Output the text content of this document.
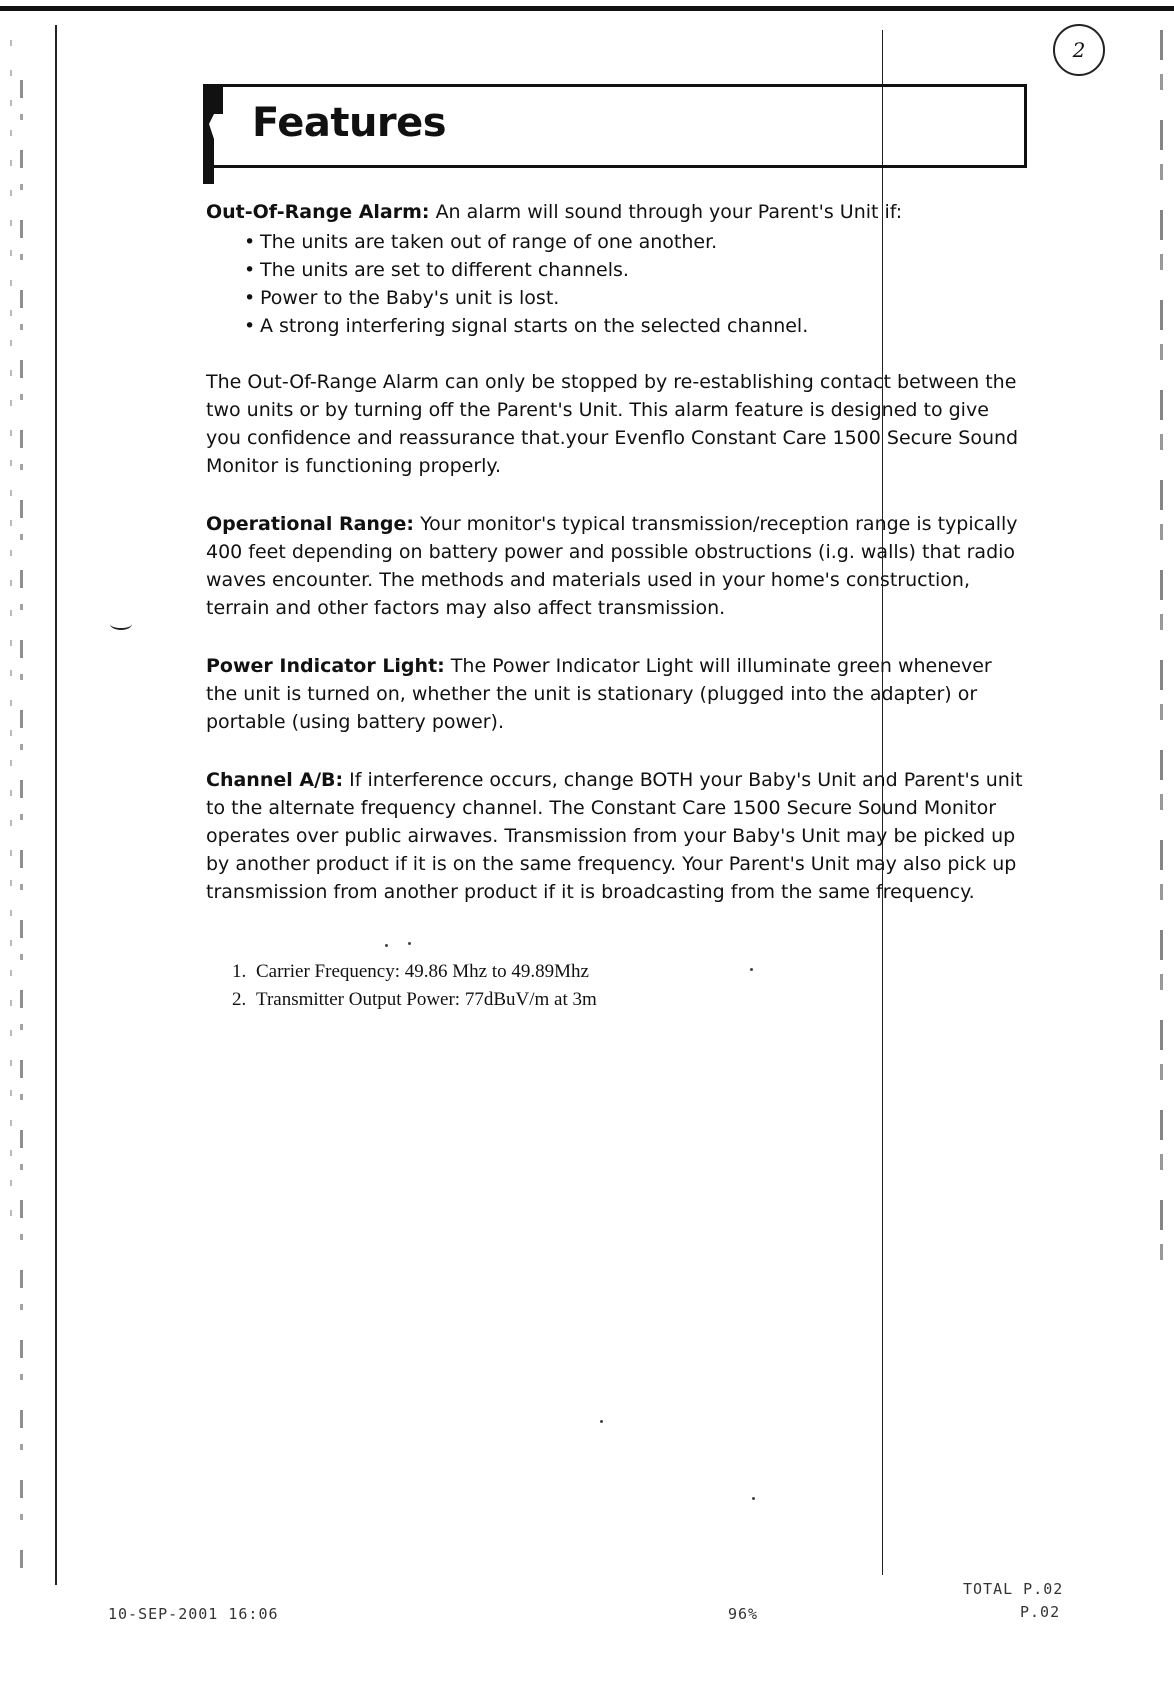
2
Features

Out-Of-Range Alarm: An alarm will sound through your Parent's Unit if:

• The units are taken out of range of one another.
• The units are set to different channels.
• Power to the Baby's unit is lost.
• A strong interfering signal starts on the selected channel.

The Out-Of-Range Alarm can only be stopped by re-establishing contact between the two units or by turning off the Parent's Unit. This alarm feature is designed to give you confidence and reassurance that.your Evenflo Constant Care 1500 Secure Sound Monitor is functioning properly.

Operational Range: Your monitor's typical transmission/reception range is typically 400 feet depending on battery power and possible obstructions (i.g. walls) that radio waves encounter. The methods and materials used in your home's construction, terrain and other factors may also affect transmission.

Power Indicator Light: The Power Indicator Light will illuminate green whenever the unit is turned on, whether the unit is stationary (plugged into the adapter) or portable (using battery power).

Channel A/B: If interference occurs, change BOTH your Baby's Unit and Parent's unit to the alternate frequency channel. The Constant Care 1500 Secure Sound Monitor operates over public airwaves. Transmission from your Baby's Unit may be picked up by another product if it is on the same frequency. Your Parent's Unit may also pick up transmission from another product if it is broadcasting from the same frequency.

1. Carrier Frequency: 49.86 Mhz to 49.89Mhz
2. Transmitter Output Power: 77dBuV/m at 3m
TOTAL P.02
P.02
10-SEP-2001 16:06	96%
